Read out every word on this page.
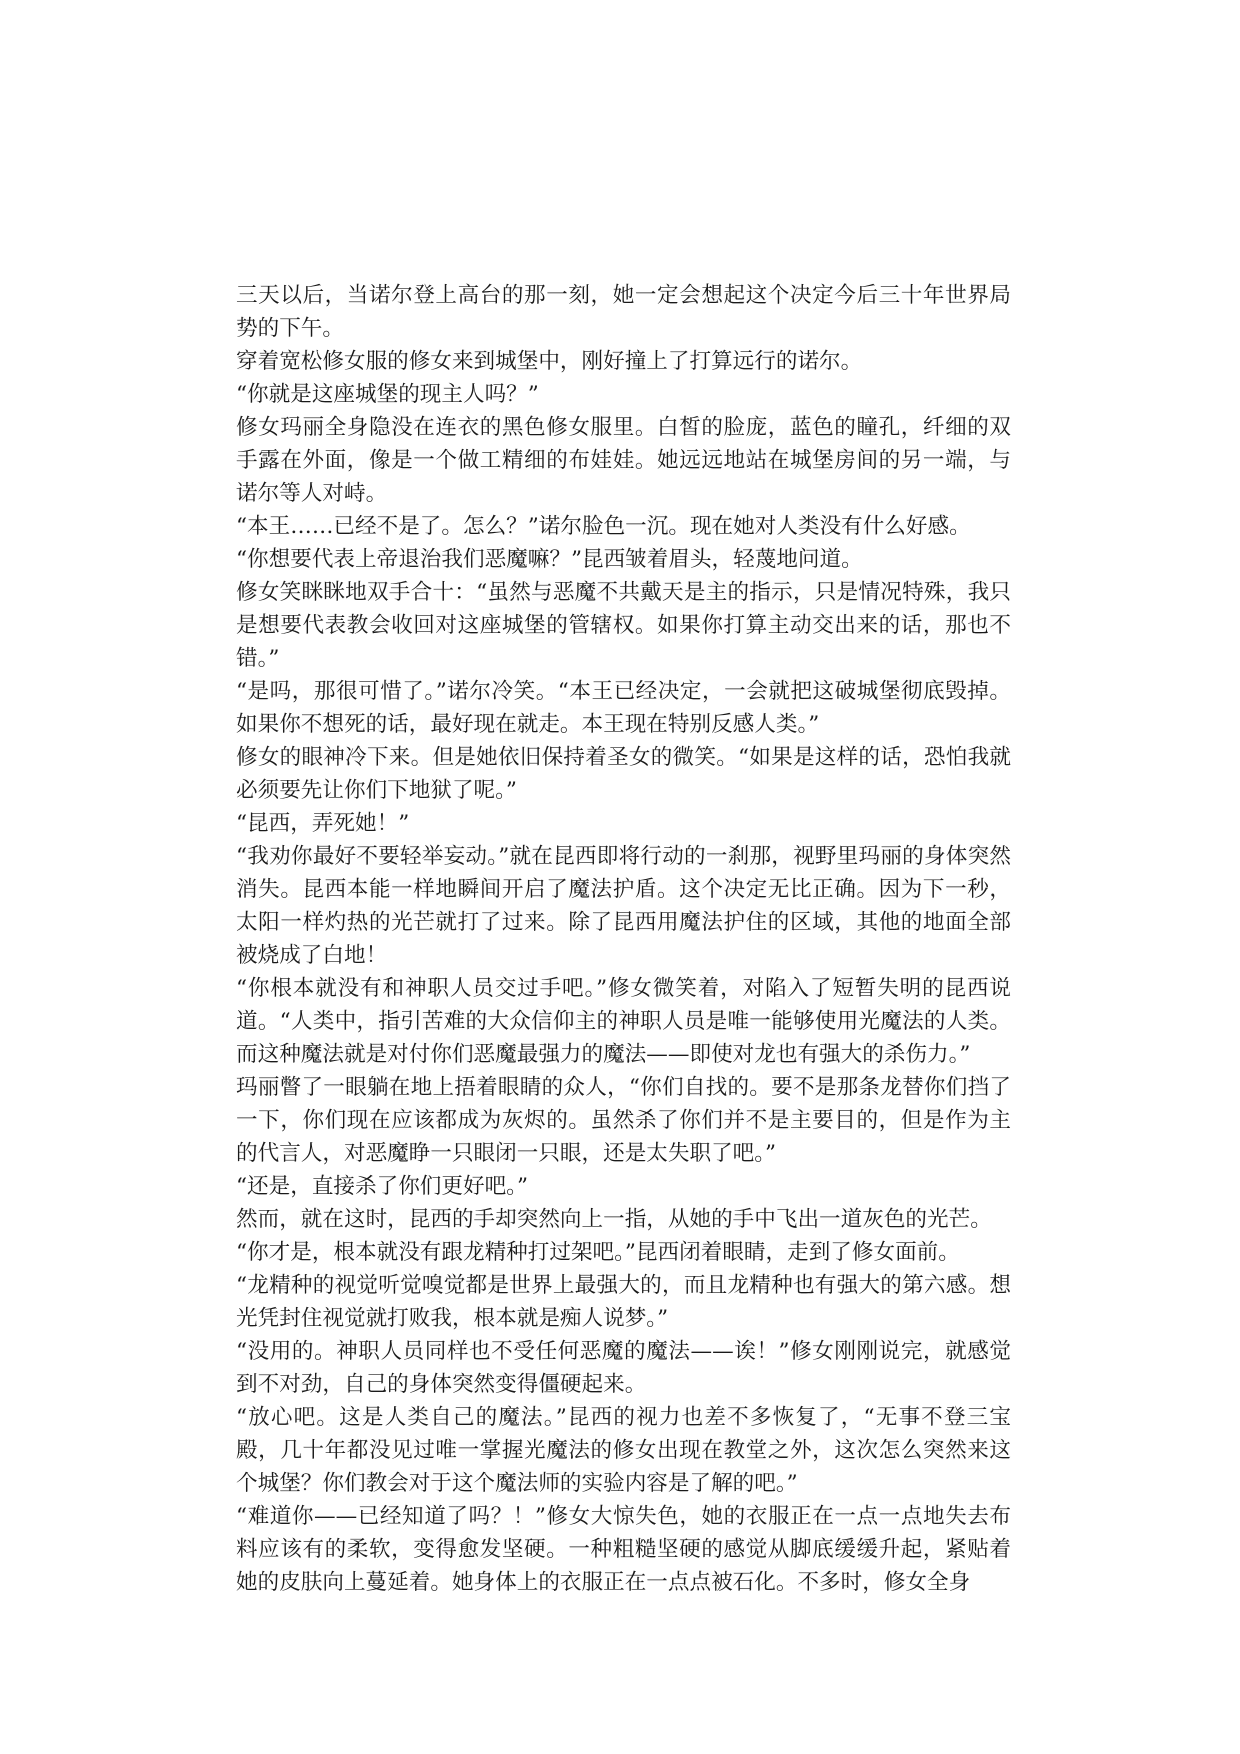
三天以后，当诺尔登上高台的那一刻，她一定会想起这个决定今后三十年世界局势的下午。

穿着宽松修女服的修女来到城堡中，刚好撞上了打算远行的诺尔。

“你就是这座城堡的现主人吗？”

修女玛丽全身隐没在连衣的黑色修女服里。白皙的脸庞，蓝色的瞳孔，纤细的双手露在外面，像是一个做工精细的布娃娃。她远远地站在城堡房间的另一端，与诺尔等人对峙。

“本王……已经不是了。怎么？”诺尔脸色一沉。现在她对人类没有什么好感。

“你想要代表上帝退治我们恶魔嘛？”昆西皱着眉头，轻蔑地问道。

修女笑眯眯地双手合十：“虽然与恶魔不共戴天是主的指示，只是情况特殊，我只是想要代表教会收回对这座城堡的管辖权。如果你打算主动交出来的话，那也不错。”

“是吗，那很可惜了。”诺尔冷笑。“本王已经决定，一会就把这破城堡彻底毁掉。如果你不想死的话，最好现在就走。本王现在特别反感人类。”

修女的眼神冷下来。但是她依旧保持着圣女的微笑。“如果是这样的话，恐怕我就必须要先让你们下地狱了呢。”

“昆西，弄死她！”

“我劝你最好不要轻举妄动。”就在昆西即将行动的一刹那，视野里玛丽的身体突然消失。昆西本能一样地瞬间开启了魔法护盾。这个决定无比正确。因为下一秒，太阳一样灼热的光芒就打了过来。除了昆西用魔法护住的区域，其他的地面全部被烧成了白地！

“你根本就没有和神职人员交过手吧。”修女微笑着，对陷入了短暂失明的昆西说道。“人类中，指引苦难的大众信仰主的神职人员是唯一能够使用光魔法的人类。而这种魔法就是对付你们恶魔最强力的魔法——即使对龙也有强大的杀伤力。”

玛丽瞥了一眼躺在地上捂着眼睛的众人，“你们自找的。要不是那条龙替你们挡了一下，你们现在应该都成为灰烬的。虽然杀了你们并不是主要目的，但是作为主的代言人，对恶魔睁一只眼闭一只眼，还是太失职了吧。”

“还是，直接杀了你们更好吧。”

然而，就在这时，昆西的手却突然向上一指，从她的手中飞出一道灰色的光芒。

“你才是，根本就没有跟龙精种打过架吧。”昆西闭着眼睛，走到了修女面前。

“龙精种的视觉听觉嗅觉都是世界上最强大的，而且龙精种也有强大的第六感。想光凭封住视觉就打败我，根本就是痴人说梦。”

“没用的。神职人员同样也不受任何恶魔的魔法——诶！”修女刚刚说完，就感觉到不对劲，自己的身体突然变得僵硬起来。

“放心吧。这是人类自己的魔法。”昆西的视力也差不多恢复了，“无事不登三宝殿，几十年都没见过唯一掌握光魔法的修女出现在教堂之外，这次怎么突然来这个城堡？你们教会对于这个魔法师的实验内容是了解的吧。”

“难道你——已经知道了吗？！”修女大惊失色，她的衣服正在一点一点地失去布料应该有的柔软，变得愈发坚硬。一种粗糙坚硬的感觉从脚底缓缓升起，紧贴着她的皮肤向上蔓延着。她身体上的衣服正在一点点被石化。不多时，修女全身
